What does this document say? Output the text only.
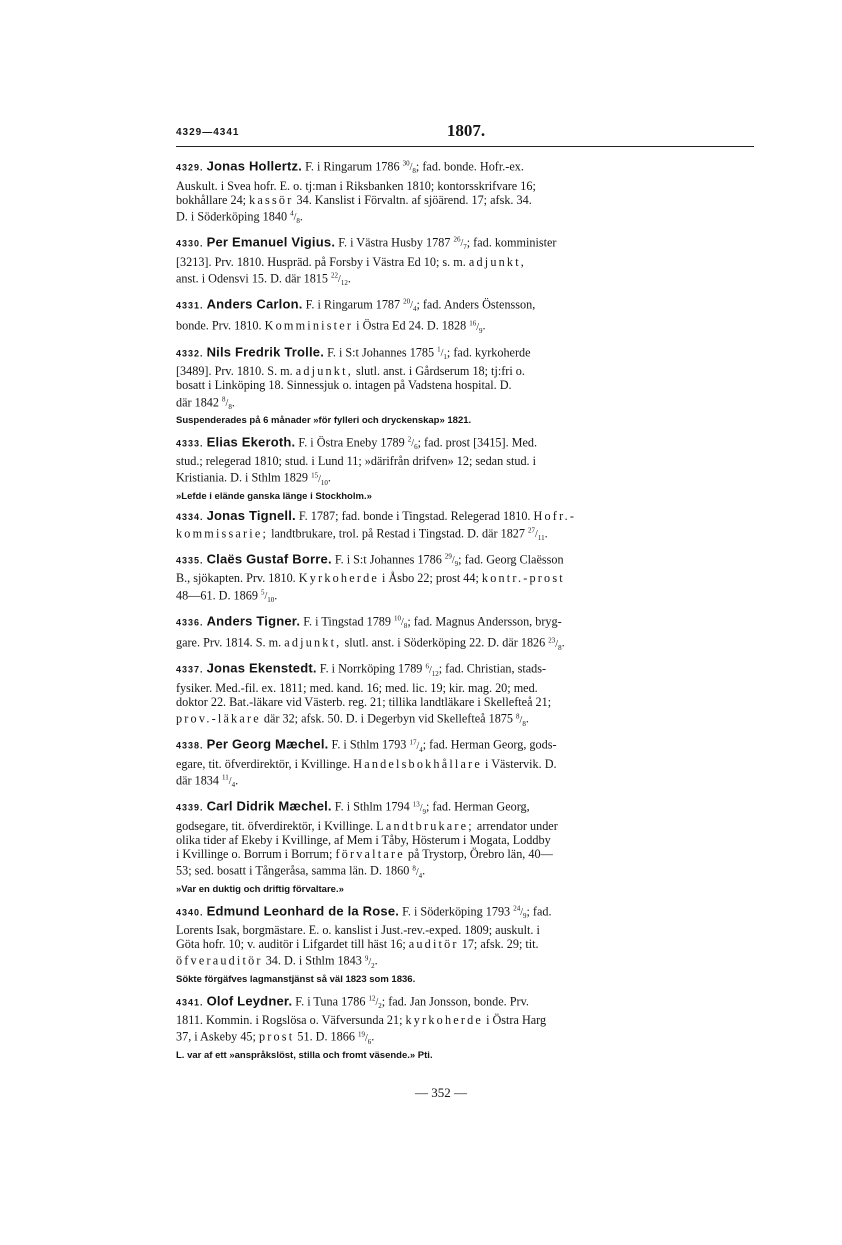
4329—4341	1807.
4329. Jonas Hollertz. F. i Ringarum 1786 $^{30}/_8$; fad. bonde. Hofr.-ex.
Auskult. i Svea hofr. E. o. tj:man i Riksbanken 1810; kontorsskrifvare 16;
bokhållare 24; kassör 34. Kanslist i Förvaltn. af sjöärend. 17; afsk. 34.
D. i Söderköping 1840 $^4/_8$.
4330. Per Emanuel Vigius. F. i Västra Husby 1787 $^{26}/_7$; fad. komminister
[3213]. Prv. 1810. Huspräd. på Forsby i Västra Ed 10; s. m. adjunkt,
anst. i Odensvi 15. D. där 1815 $^{22}/_{12}$.
4331. Anders Carlon. F. i Ringarum 1787 $^{20}/_4$; fad. Anders Östensson,
bonde. Prv. 1810. Komminister i Östra Ed 24. D. 1828 $^{16}/_9$.
4332. Nils Fredrik Trolle. F. i S:t Johannes 1785 $^1/_1$; fad. kyrkoherde
[3489]. Prv. 1810. S. m. adjunkt, slutl. anst. i Gårdserum 18; tj:fri o.
bosatt i Linköping 18. Sinnessjuk o. intagen på Vadstena hospital. D.
där 1842 $^8/_8$.
Suspenderades på 6 månader »för fylleri och dryckenskap» 1821.
4333. Elias Ekeroth. F. i Östra Eneby 1789 $^2/_6$; fad. prost [3415]. Med.
stud.; relegerad 1810; stud. i Lund 11; »därifrån drifven» 12; sedan stud. i
Kristiania. D. i Sthlm 1829 $^{15}/_{10}$.
»Lefde i elände ganska länge i Stockholm.»
4334. Jonas Tignell. F. 1787; fad. bonde i Tingstad. Relegerad 1810. Hofr.-
kommissarie; landtbrukare, trol. på Restad i Tingstad. D. där 1827 $^{27}/_{11}$.
4335. Claës Gustaf Borre. F. i S:t Johannes 1786 $^{29}/_9$; fad. Georg Claësson
B., sjökapten. Prv. 1810. Kyrkoherde i Åsbo 22; prost 44; kontr.-prost
48—61. D. 1869 $^5/_{10}$.
4336. Anders Tigner. F. i Tingstad 1789 $^{10}/_8$; fad. Magnus Andersson, bryg-
gare. Prv. 1814. S. m. adjunkt, slutl. anst. i Söderköping 22. D. där 1826 $^{23}/_8$.
4337. Jonas Ekenstedt. F. i Norrköping 1789 $^6/_{12}$; fad. Christian, stads-
fysiker. Med.-fil. ex. 1811; med. kand. 16; med. lic. 19; kir. mag. 20; med.
doktor 22. Bat.-läkare vid Västerb. reg. 21; tillika landtläkare i Skellefteå 21;
prov.-läkare där 32; afsk. 50. D. i Degerbyn vid Skellefteå 1875 $^8/_8$.
4338. Per Georg Mæchel. F. i Sthlm 1793 $^{17}/_4$; fad. Herman Georg, gods-
egare, tit. öfverdirektör, i Kvillinge. Handelsbokhållare i Västervik. D.
där 1834 $^{11}/_4$.
4339. Carl Didrik Mæchel. F. i Sthlm 1794 $^{13}/_9$; fad. Herman Georg,
godsegare, tit. öfverdirektör, i Kvillinge. Landtbrukare; arrendator under
olika tider af Ekeby i Kvillinge, af Mem i Tåby, Hösterum i Mogata, Loddby
i Kvillinge o. Borrum i Borrum; förvaltare på Trystorp, Örebro län, 40—
53; sed. bosatt i Tångeråsa, samma län. D. 1860 $^8/_4$.
»Var en duktig och driftig förvaltare.»
4340. Edmund Leonhard de la Rose. F. i Söderköping 1793 $^{24}/_9$; fad.
Lorents Isak, borgmästare. E. o. kanslist i Just.-rev.-exped. 1809; auskult. i
Göta hofr. 10; v. auditör i Lifgardet till häst 16; auditör 17; afsk. 29; tit.
öfverauditör 34. D. i Sthlm 1843 $^9/_2$.
Sökte förgäfves lagmanstjänst så väl 1823 som 1836.
4341. Olof Leydner. F. i Tuna 1786 $^{12}/_2$; fad. Jan Jonsson, bonde. Prv.
1811. Kommin. i Rogslösa o. Väfversunda 21; kyrkoherde i Östra Harg
37, i Askeby 45; prost 51. D. 1866 $^{19}/_6$.
L. var af ett »anspråkslöst, stilla och fromt väsende.» Pti.
— 352 —
